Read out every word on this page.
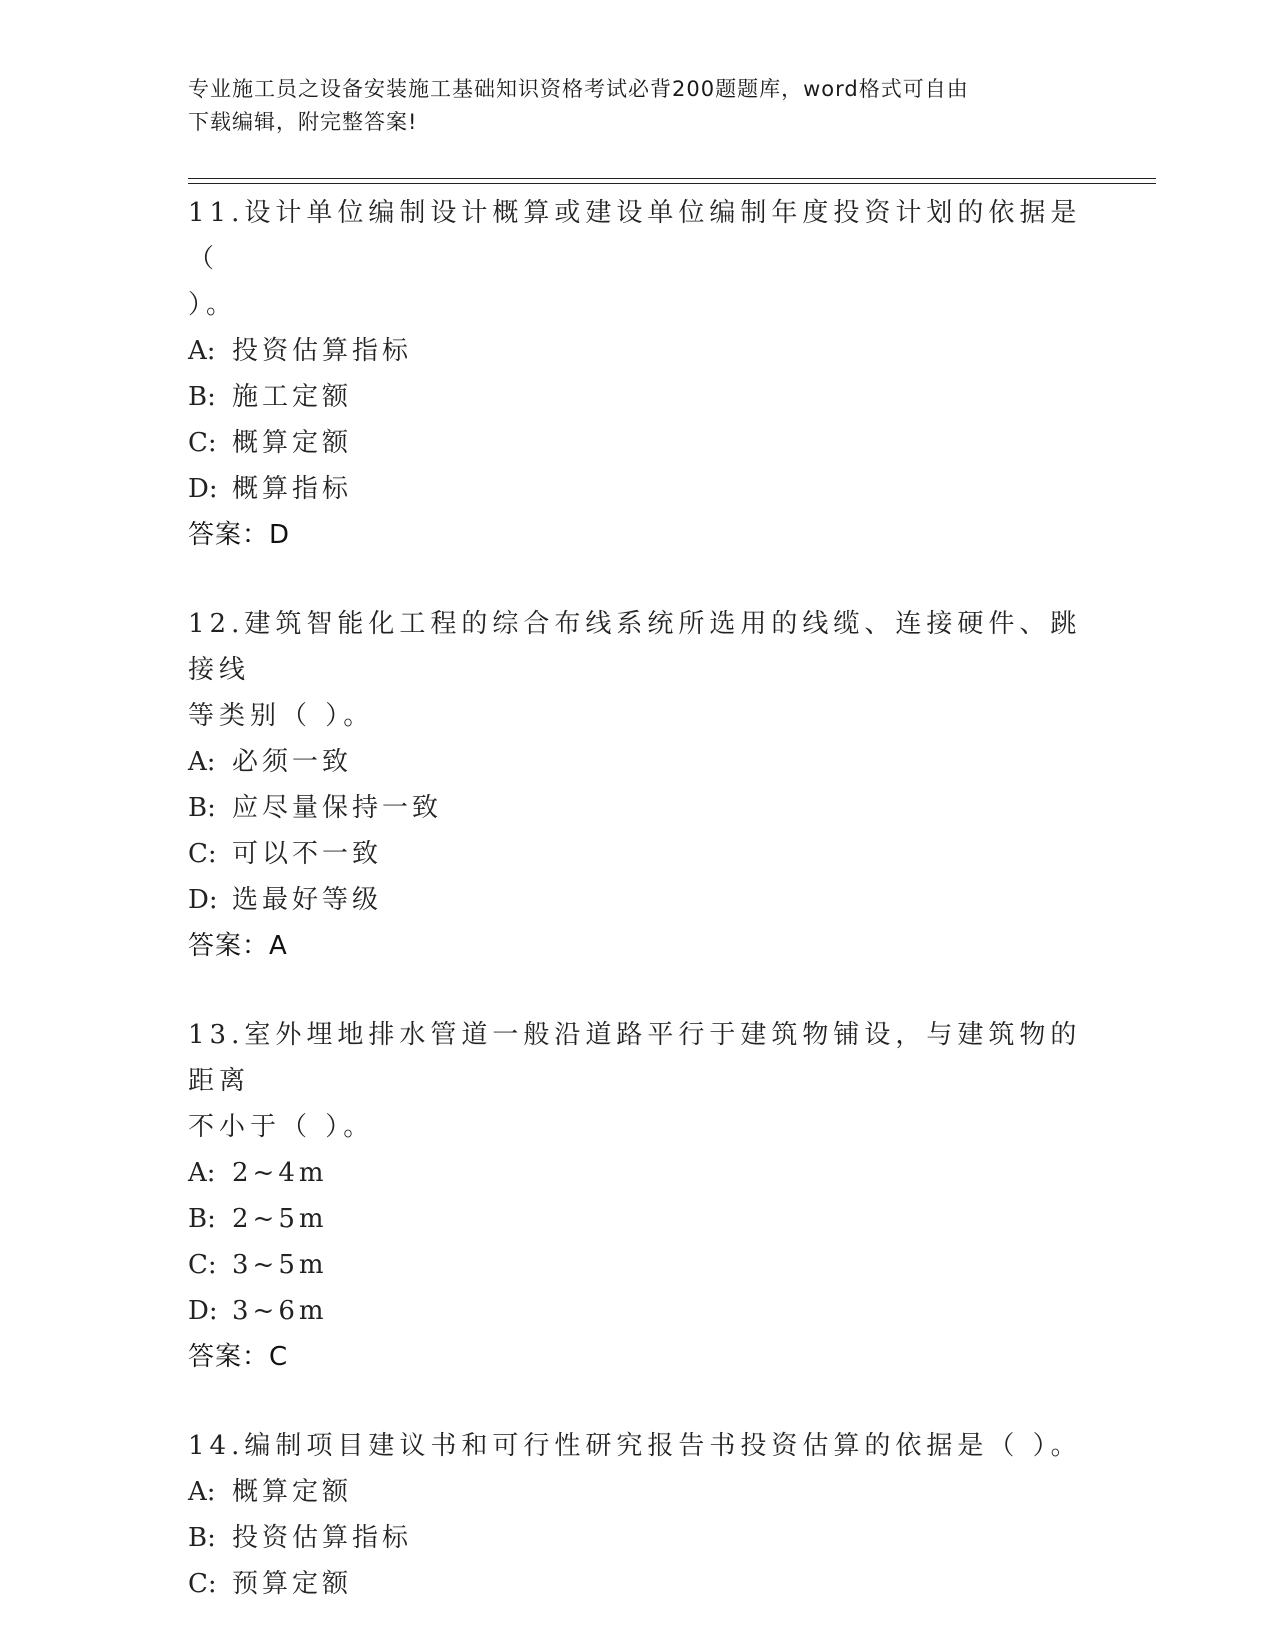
专业施工员之设备安装施工基础知识资格考试必背200题题库，word格式可自由
下载编辑，附完整答案!
11.设计单位编制设计概算或建设单位编制年度投资计划的依据是（
）。
A: 投资估算指标
B: 施工定额
C: 概算定额
D: 概算指标
答案：D
12.建筑智能化工程的综合布线系统所选用的线缆、连接硬件、跳接线
等类别（ ）。
A: 必须一致
B: 应尽量保持一致
C: 可以不一致
D: 选最好等级
答案：A
13.室外埋地排水管道一般沿道路平行于建筑物铺设，与建筑物的距离
不小于（ ）。
A: 2~4m
B: 2~5m
C: 3~5m
D: 3~6m
答案：C
14.编制项目建议书和可行性研究报告书投资估算的依据是（ ）。
A: 概算定额
B: 投资估算指标
C: 预算定额
